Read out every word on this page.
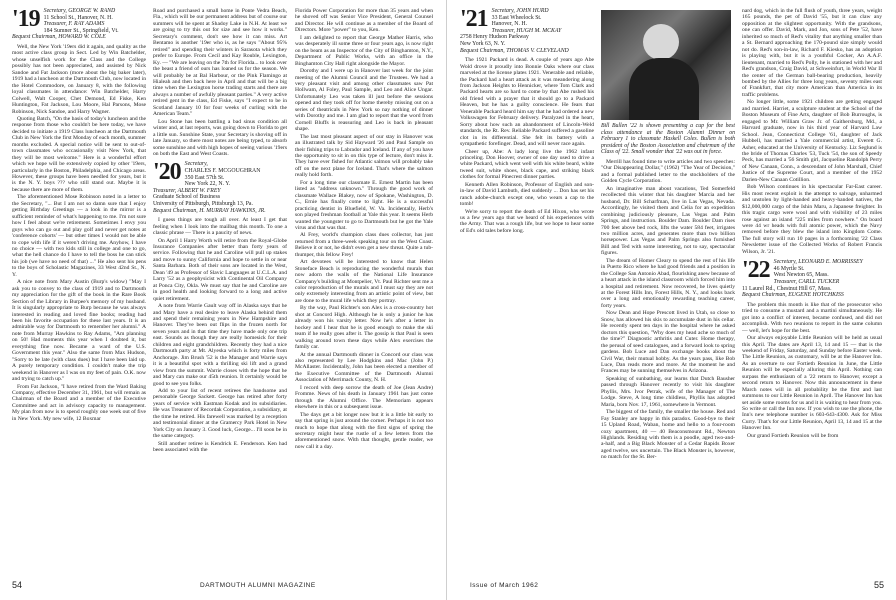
'19 Secretary, GEORGE W. RAND
11 School St., Hanover, N. H.
Treasurer, F. RAY ADAMS
184 Sumner St., Springfield, Vt.
Bequest Chairman, HOWARD W. COLE

Well, the New York '19ers did it again, and quality as the most active class group in Sect. Led by Win Batchelder, whose unselfish work for the Class and the College possibly has not been appreciated, and assisted by Nick Sandoe and Fat Jackson (more about the big baker later), 1919 had a luncheon at the Dartmouth Club, now located in the Hotel Commodore, on January 8, with the following loyal classmates in attendance: Win Batchelder, Harry Colwell, Walt Cooper, Chet Demond, Ed Fiske, Ken Huntington, Fat Jackson, Lou Moore, Hal Parsons, Mose Robinson, Nick Sandoe, and Harry Wagner.

Quoting Batch, "On the basis of today's luncheon and the response from those who couldn't be here today, we have decided to initiate a 1919 Class luncheon at the Dartmouth Club in New York the first Monday of each month, summer months excluded. A special notice will be sent to out-of-town classmates who occasionally visit New York, that they will be most welcome." Here is a wonderful effort which we hope will be extensively copied by other '19ers, particularly in the Boston, Philadelphia, and Chicago areas. However, these groups have been needled for years, but it is the N. Y. boys ??? who still stand out. Maybe it is because there are more of them.

The aforementioned Mose Robinson noted in a letter to the Secretary, "... But I am not so damn sure that I enjoy getting Birthday Greetings — a look in the mirror is a sufficient reminder of what's happening to me. I'm not sure how I feel about we're retirement. Sometimes I envy you guys who can go out and play golf and never get notes at 'conference cohorts' — but other times I would not be able to cope with life if it weren't driving me. Anyhow, I have no choice — with two kids still in college and one to go, what the hell chance do I have to tell the boss he can stick his job (we have no need of that) ..." He also sent his pens to the boys of Scholastic Magazines, 33 West 42nd St., N. Y.

A nice note from Mary Austin (Burp's widow) "May I ask you to convey to the class of 1919 and to Dartmouth my appreciation for the gift of the book in the Rare Book Section of the Library in Burpee's memory of my husband. It is singularly appropriate to Burp because he was always interested in reading and loved fine books; reading had been his favorite occupation for these last years. It is an admirable way for Dartmouth to remember her alumni." A note from Murray Hawkins to Ray Adams, "Am planning on 50! Had moments this year when I doubted it, but everything fine now. Became a ward of the U.S. Government this year." Also the same from Max Hudson, "Sorry to be late (with class dues) but I have been laid up. A purely temporary condition. I couldn't make the trip weekend in Hanover as I was on my feet of pain. O.K. now and trying to catch up."

From Fat Jackson, "I have retired from the Ward Baking Company, effective December 31, 1961, but will remain as Chairman of the Board and a member of the Executive Committee and act in advisory capacity to management. My plan from now is to spend roughly one week out of five in New York. My new wife, 12 Boxmar

Road and purchased a small home in Ponte Vedra Beach, Fla., which will be our permanent address but of course our summers will be spent at Shadoy Lake in N.H. At least we are going to try this out for size and see how it works." Secretary's comment, don't see how it can miss. Art Bentamo is another '19er who is, as he says "About 95% retired" and spending their winters in Sarasota which they prefer to Europe. From Cecil and Kay Rouble, Lexington, Ky. — "We are leaving on the 7th for Florida... to look over the beast a friend of ours has loaned us for the season. We will probably be at Bal Harbour, or the Pink Flamingo at Hialeah and then back here in April and that will be a big time when the Lexington horse trading starts and there are always a number of awfully pleasant parties." A very active retired gent in the class, Ed Fiske, says "I expect to be in Scotland January 10 for four weeks of curling with the American Team."

Lou Stone has been battling a bad sinus condition all winter and, at last reports, was going down to Florida to get a little sun. Sunshine State, your Secretary is shoving off in late January, so there most notes are being typed, to absorb some sunshine and with high hopes of seeing various '19ers on both the East and West Coasts.

'20 Secretary,
CHARLES F. MCGOUGHRAN
350 East 57th St.
New York 22, N. Y.
Treasurer, ALBERT W. FREY
Graduate School of Business
University of Pittsburgh, Pittsburgh 13, Pa.
Bequest Chairman, H. MURRAY HAWKINS, JR.

I guess things are tough all over. At least I get that feeling when I look into the mailbag this month. To one a classic phrase — There is a paucity of news.

On April 1 Harry Worth will retire from the Royal-Globe Insurance Companies after better than forty years of service. Following that he and Caroline will pull up stakes and move to sunny California and hope to settle in or near Santa Barbara. Both of their sons are located in the West, Dean '49 as Professor of Slavic Languages at U.C.L.A. and Larry '52 as a geophysicist with Continental Oil Company at Ponca City, Okla. We must say that he and Caroline are in good health and looking forward to a long and active quiet retirement.

A note from Warrie Gault way off in Alaska says that he and Mary have a real desire to leave Alaska behind them and spend their remaining years in New Hampshire and Hanover. They've been out flips in the frozen north for seven years and in that time they have made only one trip east. Sounds as though they are really homesick for their children and eight grandchildren. Recently they had a nice Dartmouth party at Mt. Alyeska which is forty miles from Anchorage. Jim Brush '52 is the Manager and Warrie says it is a beautiful spot with a thrilling ski lift and a grand view from the summit. Warrie closes with the hope that he and Mary can make our 45th reunion. It certainly would be good to see you folks.

Add to your list of recent retirees the handsome and personable George Sackett. George has retired after forty years of service with Eastman Kodak and its subsidiaries. He was Treasurer of Recordak Corporation, a subsidiary, at the time he retired. His farewell was marked by a reception and testimonial dinner at the Gramercy Park Hotel in New York City on January 3. Good luck, George... I'll soon be in the same category.

Still another retiree is Kendrick E. Fenderson. Ken had been associated with the

Florida Power Corporation for more than 35 years and when he shoved off was Senior Vice President, General Counsel and Director. He will continue as a member of the Board of Directors. More "power" to you, Ken.

I am delighted to report that George Mather Harris, who was desperately ill some three or four years ago, is now right on the beam as an Inspector of the City of Binghamton, N.Y., Department of Public Works, with an office in the Binghamton City Hall right alongside the Mayor.

Dorothy and I were up in Hanover last week for the joint meeting of the Alumni Council and the Trustees. We had a very pleasant visit and among other classmates saw Pat Hollwam, Al Foley, Paul Sample, and Leo and Alice Ungar. Unfortunately Leo was taken ill just before the sessions opened and they took off for home thereby missing out on a series of theatricals in New York so nay nothing of dinner with Dorothy and me. I am glad to report that the word from Cornell Bluffs is reassuring and Leo is back in pleasant shape.

The last most pleasant aspect of our stay in Hanover was an illustrated talk by Sid Hayward '26 and Paul Sample on their fishing trips to Labrador and Iceland. If any of you have the opportunity to sit in on this type of lecture, don't miss it. They have ever fished for Atlantic salmon will probably take off on the next plane for Iceland. That's where the salmon really hold forth.

For a long time our classmate E. Ernest Martin has been listed as "address unknown." Through the good work of classmate Wallace Blakey, now of Spokane, Washington, D. C., Ernie has finally come to light. He is a successful practicing dentist in Bluefield, W. Va. Incidentally, Herb's son played freshman football at Yale this year. It seems Herb wanted the youngster to go to Dartmouth but he got the Yale virus and that was that.

Al Frey, world's champion class dues collector, has just returned from a three-week speaking tour on the West Coast. Believe it or not, he didn't even get a new threat. Quite a tub-thumper, this fellow Frey!

Art devotees will be interested to know that Helen Stoneface Beach is reproducing the wonderful murals that now adorn the walls of the National Life Insurance Company's building at Montpelier, Vt. Paul Richter sent me a color reproduction of the murals and I must say they are not only extremely interesting from an artistic point of view, but are done to the mural life which they portray.

By the way, Paul Richter's son Alex is a cross-country hot shot at Concord High. Although he is only a junior he has already won his varsity letter. Now he's after a letter in hockey and I hear that he is good enough to make the ski team if he really goes after it. The gossip is that Paul is seen walking around town these days while Alex exercises the family car.

At the annual Dartmouth dinner in Concord our class was also represented by Lee Hodgkins and Mac (John P.) McAllaster. Incidentally, John has been elected a member of the Executive Committee of the Dartmouth Alumni Association of Merrimack County, N. H.

I record with deep sorrow the death of Joe (Jean Andre) Fromme. News of his death in January 1961 has just come through the Alumni Office. The Memoriam appears elsewhere in this or a subsequent issue.

The days get a bit longer now but it is a little bit early to say that spring is just around the corner. Perhaps it is not too much to hope that along with the first signs of spring the secretary might hear the rustle of a few letters from the aforementioned snow. With that thought, gentle reader, we now call it a day.

54	DARTMOUTH ALUMNI MAGAZINE
'21 Secretary, JOHN HURD
33 East Wheelock St.
Hanover, N. H.
Treasurer, HUGH M. MCKAY
2758 Henry Hudson Parkway
New York 63, N. Y.
Bequest Chairman, THOMAS V. CLEVELAND

The 1921 Packard is dead. A couple of years ago Abe Wold drove it proudly into Bonnie Oaks where our class marveled at the license plates 1921. Venerable and reliable, the Packard had a heart attack as it was meandering along from Jackson Heights to Hennicker, where Tom Clark and Packard hearts are so hard to come by that Abe rushed his old friend with a prayer that it should go to a Packard Heaven, but he has a guilty conscience. He fears that Venerable Packard heard him say that he had ordered a new Volkswagen for February delivery. Paralyzed in the heart, Sorry about how such an abandonment of Lincoln-Weld standards, the Rt. Rev. Reliable Packard suffered a gasoline clot in its differential. She felt its battery with a sympathetic forefinger. Dead, and will never race again.

Cheer up, Abe: A lady long live the 1962 infant princeling. Don Hoover, owner of one day used to drive a white Packard, which went well with his white beard, white tweed suit, white shoes, black cape, and striking black clothes for formal Pinecrest dinner parties.

Kenneth Allen Robinson, Professor of English and son-in-law of David Lambuth, died suddenly ... Don has set his ranch adobe-church except one, who wears a cap to the tomb!

We're sorry to report the death of Ed Hixon, who wrote us a few years ago that we heard of his experiences with the Army. That was a rough life, but we hope to hear some of Ed's old tales before long.

Bill Bullen '22 is shown presenting a cup for the best class attendance at the Boston Alumni Dinner on February 1 to classmate Haskell Coles. Bullen is both president of the Boston Association and chairman of the Class of '22. Small wonder that '22 was out in force.

Merrill has found time to write articles and two speeches: "Our Disappearing Dollar," (1962) "The Year of Decision," and a formal published letter to the stockholders of the Golden Cycle Corporation.

An imaginative man about vacations, Ted Somerfeld recollected this winter that his daughter Marcia and her husband, Dr. Bill Scharfman, live in Las Vegas, Nevada. Accordingly, he visited them and Celia for an expedition combining judiciously pleasure, Las Vegas and Palm Springs, and instruction. Boulder Dam. Boulder Dam rises 700 feet above bed rock, lifts the water 584 feet, irrigates two million acres, and generates more than two billion horsepower. Las Vegas and Palm Springs also furnished Bill and Ted with some interesting, not to say, spectacular figures.

The dream of Homer Cleary to spend the rest of his life in Puerto Rico where he had good friends and a position in the College San Antonio Abad, flourishing anew because of a heart attack in the island classroom which forced him into a hospital and retirement. Now recovered, he lives quietly at the Forest Hills Inn, Forest Hills, N. Y., and looks back over a long and emotionally rewarding teaching career, forty years.

Now Dean and Hope Prescott lived in Utah, so close to Snow, has allowed his skis to accumulate dust in his cellar. He recently spent ten days in the hospital where he asked doctors this question, "Why does my head ache so much of the time?" Diagnostic arthritis and Cuter. Home therapy, the perusal of seed catalogues, and a forward look to spring gardens. Bob Luce and Dan exchange books about the Civil War, their mutual hobby. As the years pass, like Bob Luce, Dan reads more and more. At the moment he and Frances may be sunning themselves in Arizona.

Speaking of sunbathing, our learns that Dutch Bausher passed through Hanover recently to visit his daughter Phyllis, Mrs. Ivor Petrak, wife of the Manager of The Lodge. Steve, A long time childless, Phyllis has adopted Maria, born Nov. 17, 1961, somewhere in Vermont.

The biggest of the family, the smaller the house. Red and Fay Stanley are happy in this paradox. Good-bye to their 15 Upland Road, Waban, home and hello to a four-room cozy apartment, 40 — 40 Beaconsmount Rd., Newton Highlands. Residing with them is a poodle, aged two-and-a-half, and a Big Black Monster of a Cedar Rapids Boxer aged twelve, sex uncertain. The Black Monster is, however, no match for the St. Ber-

nard dog, which in the full flush of youth, three years, weight 165 pounds, the pet of David '55, but it can claw any opposition at the slightest opportunity. With the grandsons, one can offer. David, Mark, and Jon, sons of Pete '52, have inherited so much of Red's vitality that anything smaller than a St. Bernard approaching the 170-pound size simply would not do. Red's son-in-law, Richard F. Kiesko, has an adoption is playing with, but it is a youthful Cocker, An A.A.F. lieutenant, married to Red's Polly, he is stationed with her and Red's grandson, Craig David, at Schweinfurt, in World War II the center of the German ball-bearing production, heavily bombed by the Allies for three long years, seventy miles east of Frankfurt, that city more American than America in its traffic problems.

No longer little, some 1921 children are getting engaged and married. Harriet, a sculpture student at the School of the Boston Museum of Fine Arts, daughter of Bob Burroughs, is engaged to Mr. William Graw Jr. of Gaithersburg, Md., a Harvard graduate, now in his third year of Harvard Law School. Jean, Connecticut College '61, daughter of Jack Hubbell, has married a Yale commercial artist, Everett G. Asher, educated at the University of Kentucky. Liz Seglund is the bride of Thomas Charles '53, Tuck '54, the son of Speedy Peck, has married a '56 Smith girl, Jacqueline Randolph Perry of New Canaan, Conn., a descendant of John Marshall, Chief Justice of the Supreme Court, and a member of the 1952 Darien-New Canaan Cotillion.

Bob Wilson continues in his spectacular Far-East career. His most recent exploit is the attempt to salvage, unharmed and unstolen by light-handed and heavy-handed natives, the $12,000,000 cargo of the Ishin Maru, a Japanese freighter. In this tragic cargo were wool and with visibility of 23 miles rose against an island "225 miles from nowhere." On board were 44 wr heads with full atomic power, which the Navy removed before they blew the island into Kingdom Come. The full story will run 10 pages in a forthcoming '22 Class Newsletter issue of the Collected Works of Robert Francis Wilson, Jr. '21.

'22 Secretary, LEONARD E. MORRISSEY
46 Myrtle St.
West Newton 65, Mass.
Treasurer, CARLL TUCKER
11 Laurel Rd., Chestnut Hill 67, Mass.
Bequest Chairman, EUGENE HOTCHKISS

The problem this month is like that of the prosecutor who tried to consume a mustard and a martini simultaneously. He got into a conflict of interest, became confused, and did not accomplish. With two reunions to report in the same column — well, let's hope for the best.

Our always enjoyable Little Reunion will be held as usual this April. The dates are April 13, 14 and 15 — that is the weekend of Friday, Saturday, and Sunday before Easter week. The Little Reunion, as customary, will be at the Hanover Inn. As an overture to our Fortieth Reunion in June, the Little Reunion will be especially alluring this April. Nothing can surpass the enthusiasm of a '22 return to Hanover, except a second return to Hanover. Now this announcement in these March notes will in all probability be the first and last summons to our Little Reunion in April. The Hanover Inn has set aside some rooms for us and it is waiting to hear from you. So write or call the Inn now. If you wish to use the phone, the Inn's new telephone number is 603-643-4300. Ask for Miss Curry. That's for our Little Reunion, April 13, 14 and 15 at the Hanover Inn.

Our grand Fortieth Reunion will be from

Issue of March 1962	55
